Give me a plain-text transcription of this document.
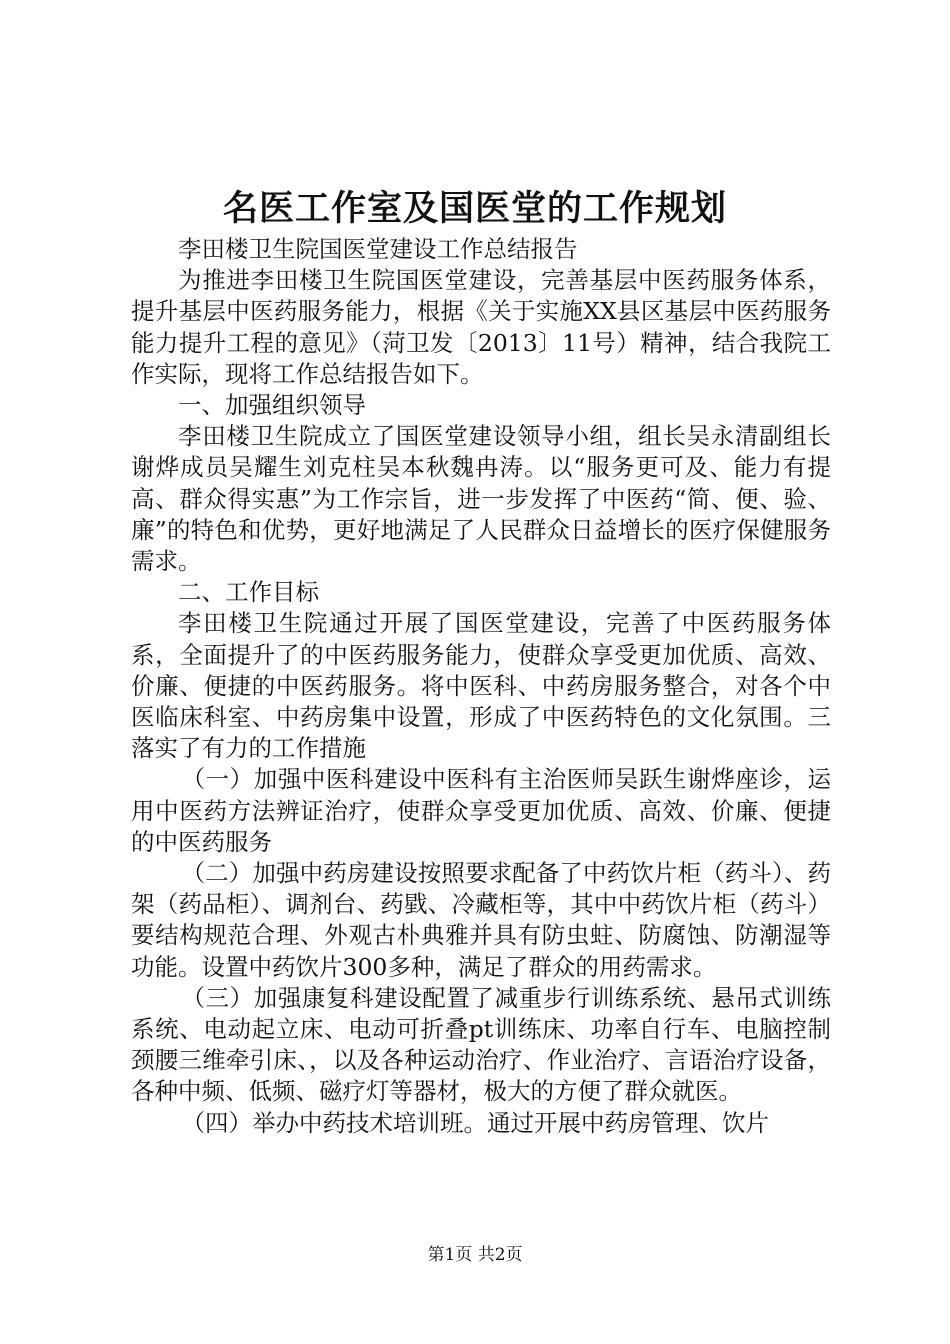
名医工作室及国医堂的工作规划

李田楼卫生院国医堂建设工作总结报告

为推进李田楼卫生院国医堂建设，完善基层中医药服务体系，提升基层中医药服务能力，根据《关于实施XX县区基层中医药服务能力提升工程的意见》（菏卫发〔2013〕11号）精神，结合我院工作实际，现将工作总结报告如下。

一、加强组织领导

李田楼卫生院成立了国医堂建设领导小组，组长吴永清副组长谢烨成员吴耀生刘克柱吴本秋魏冉涛。以“服务更可及、能力有提高、群众得实惠”为工作宗旨，进一步发挥了中医药“简、便、验、廉”的特色和优势，更好地满足了人民群众日益增长的医疗保健服务需求。

二、工作目标

李田楼卫生院通过开展了国医堂建设，完善了中医药服务体系，全面提升了的中医药服务能力，使群众享受更加优质、高效、价廉、便捷的中医药服务。将中医科、中药房服务整合，对各个中医临床科室、中药房集中设置，形成了中医药特色的文化氛围。三落实了有力的工作措施

（一）加强中医科建设中医科有主治医师吴跃生谢烨座诊，运用中医药方法辨证治疗，使群众享受更加优质、高效、价廉、便捷的中医药服务

（二）加强中药房建设按照要求配备了中药饮片柜（药斗）、药架（药品柜）、调剂台、药戥、冷藏柜等，其中中药饮片柜（药斗）要结构规范合理、外观古朴典雅并具有防虫蛀、防腐蚀、防潮湿等功能。设置中药饮片300多种，满足了群众的用药需求。

（三）加强康复科建设配置了减重步行训练系统、悬吊式训练系统、电动起立床、电动可折叠pt训练床、功率自行车、电脑控制颈腰三维牵引床、，以及各种运动治疗、作业治疗、言语治疗设备，各种中频、低频、磁疗灯等器材，极大的方便了群众就医。

（四）举办中药技术培训班。通过开展中药房管理、饮片

第1页 共2页
